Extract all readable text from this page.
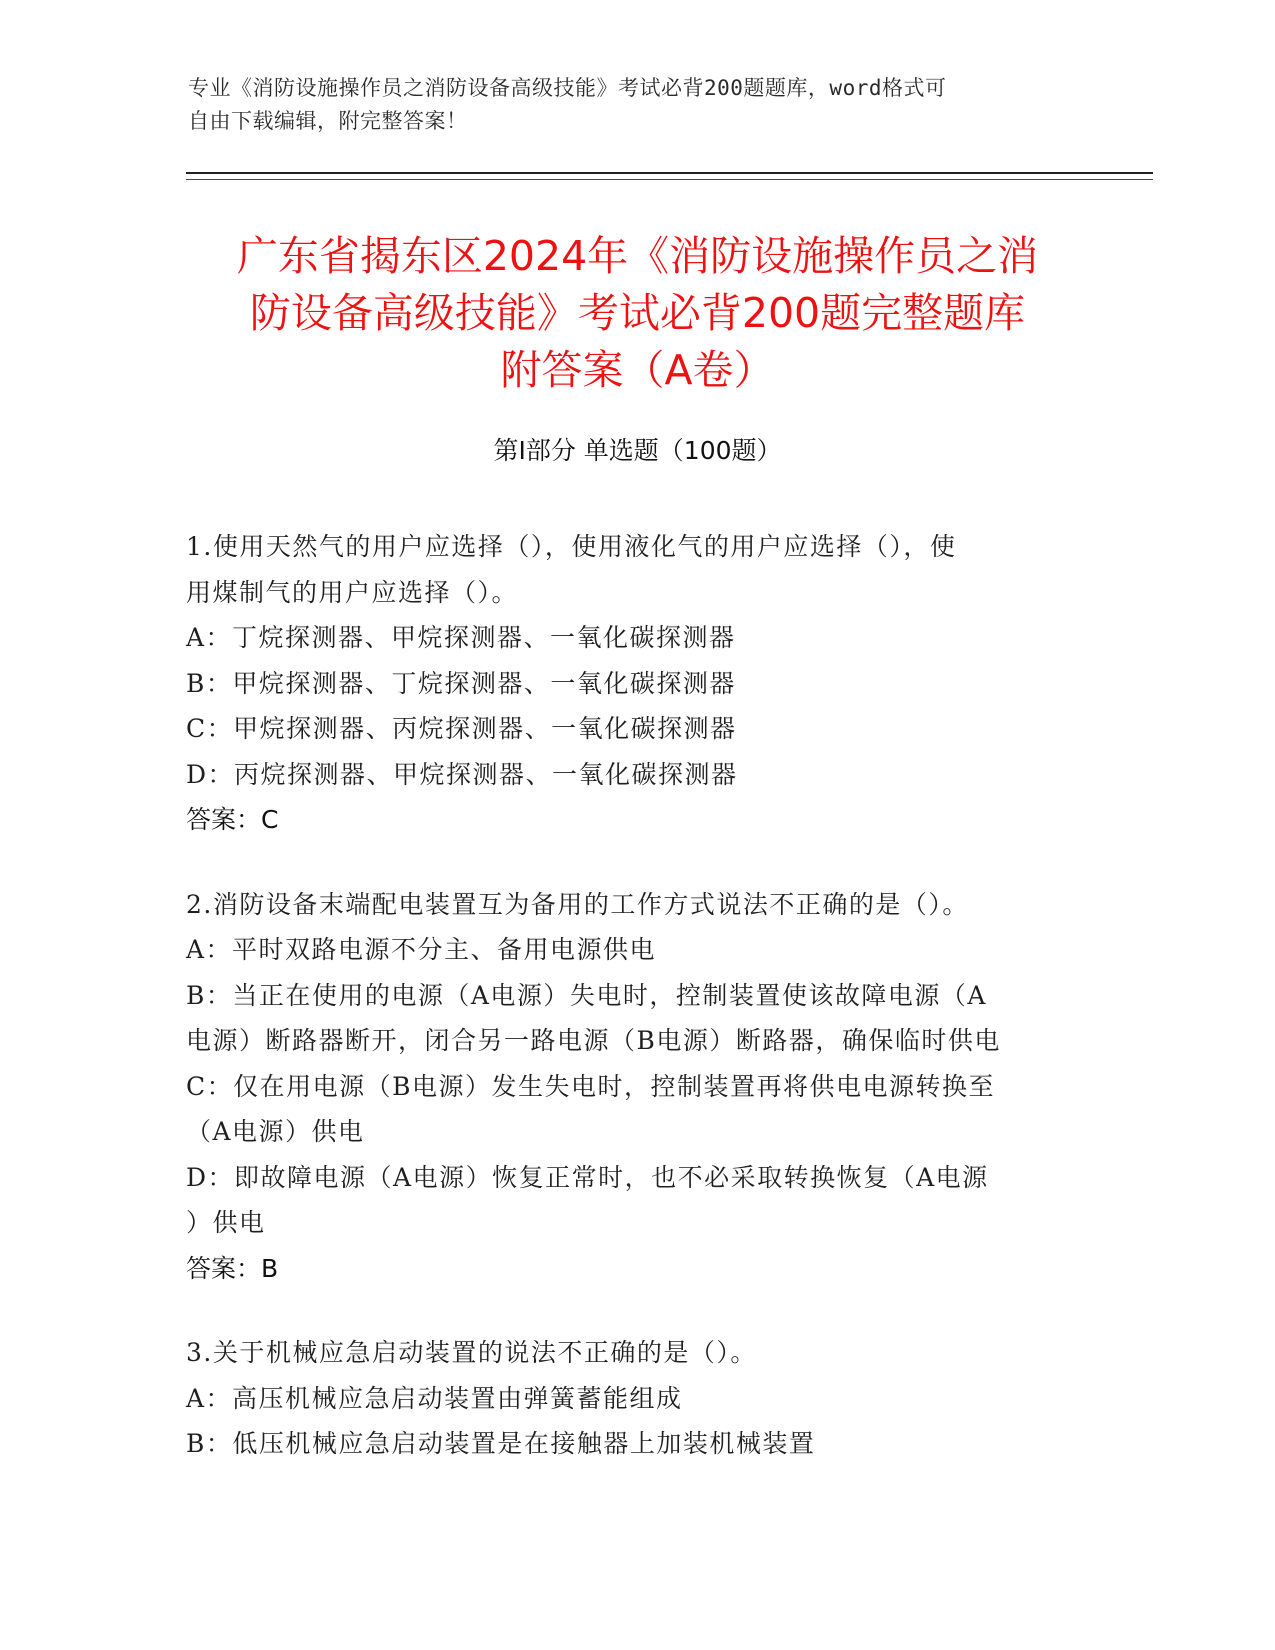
专业《消防设施操作员之消防设备高级技能》考试必背200题题库，word格式可
自由下载编辑，附完整答案！
广东省揭东区2024年《消防设施操作员之消
防设备高级技能》考试必背200题完整题库
附答案（A卷）
第I部分 单选题（100题）
1.使用天然气的用户应选择（），使用液化气的用户应选择（），使
用煤制气的用户应选择（）。
A：丁烷探测器、甲烷探测器、一氧化碳探测器
B：甲烷探测器、丁烷探测器、一氧化碳探测器
C：甲烷探测器、丙烷探测器、一氧化碳探测器
D：丙烷探测器、甲烷探测器、一氧化碳探测器
答案：C
2.消防设备末端配电装置互为备用的工作方式说法不正确的是（）。
A：平时双路电源不分主、备用电源供电
B：当正在使用的电源（A电源）失电时，控制装置使该故障电源（A
电源）断路器断开，闭合另一路电源（B电源）断路器，确保临时供电
C：仅在用电源（B电源）发生失电时，控制装置再将供电电源转换至
（A电源）供电
D：即故障电源（A电源）恢复正常时，也不必采取转换恢复（A电源
）供电
答案：B
3.关于机械应急启动装置的说法不正确的是（）。
A：高压机械应急启动装置由弹簧蓄能组成
B：低压机械应急启动装置是在接触器上加装机械装置
